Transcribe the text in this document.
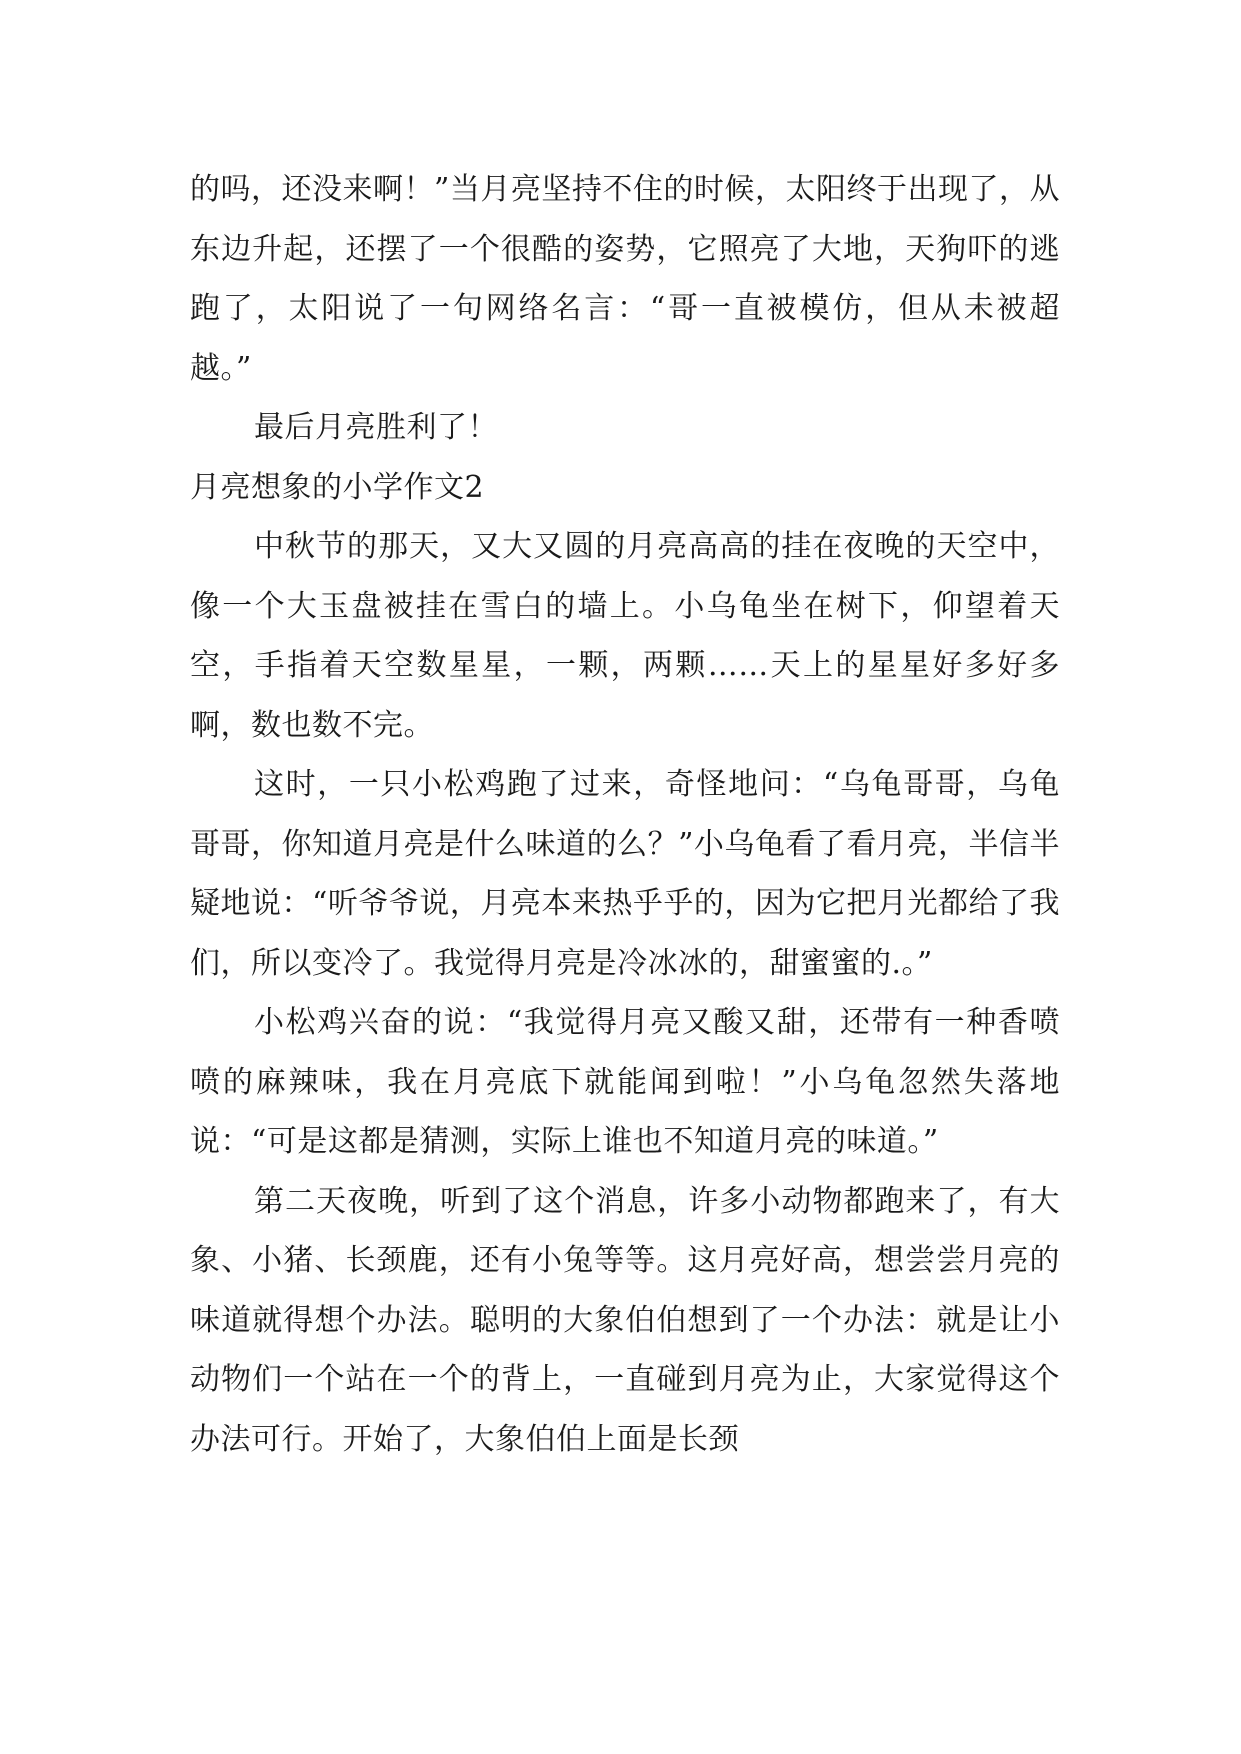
的吗，还没来啊！”当月亮坚持不住的时候，太阳终于出现了，从东边升起，还摆了一个很酷的姿势，它照亮了大地，天狗吓的逃跑了，太阳说了一句网络名言：“哥一直被模仿，但从未被超越。”

最后月亮胜利了！

月亮想象的小学作文2

中秋节的那天，又大又圆的月亮高高的挂在夜晚的天空中，像一个大玉盘被挂在雪白的墙上。小乌龟坐在树下，仰望着天空，手指着天空数星星，一颗，两颗……天上的星星好多好多啊，数也数不完。

这时，一只小松鸡跑了过来，奇怪地问：“乌龟哥哥，乌龟哥哥，你知道月亮是什么味道的么？”小乌龟看了看月亮，半信半疑地说：“听爷爷说，月亮本来热乎乎的，因为它把月光都给了我们，所以变冷了。我觉得月亮是冷冰冰的，甜蜜蜜的.。”

小松鸡兴奋的说：“我觉得月亮又酸又甜，还带有一种香喷喷的麻辣味，我在月亮底下就能闻到啦！”小乌龟忽然失落地说：“可是这都是猜测，实际上谁也不知道月亮的味道。”

第二天夜晚，听到了这个消息，许多小动物都跑来了，有大象、小猪、长颈鹿，还有小兔等等。这月亮好高，想尝尝月亮的味道就得想个办法。聪明的大象伯伯想到了一个办法：就是让小动物们一个站在一个的背上，一直碰到月亮为止，大家觉得这个办法可行。开始了，大象伯伯上面是长颈
